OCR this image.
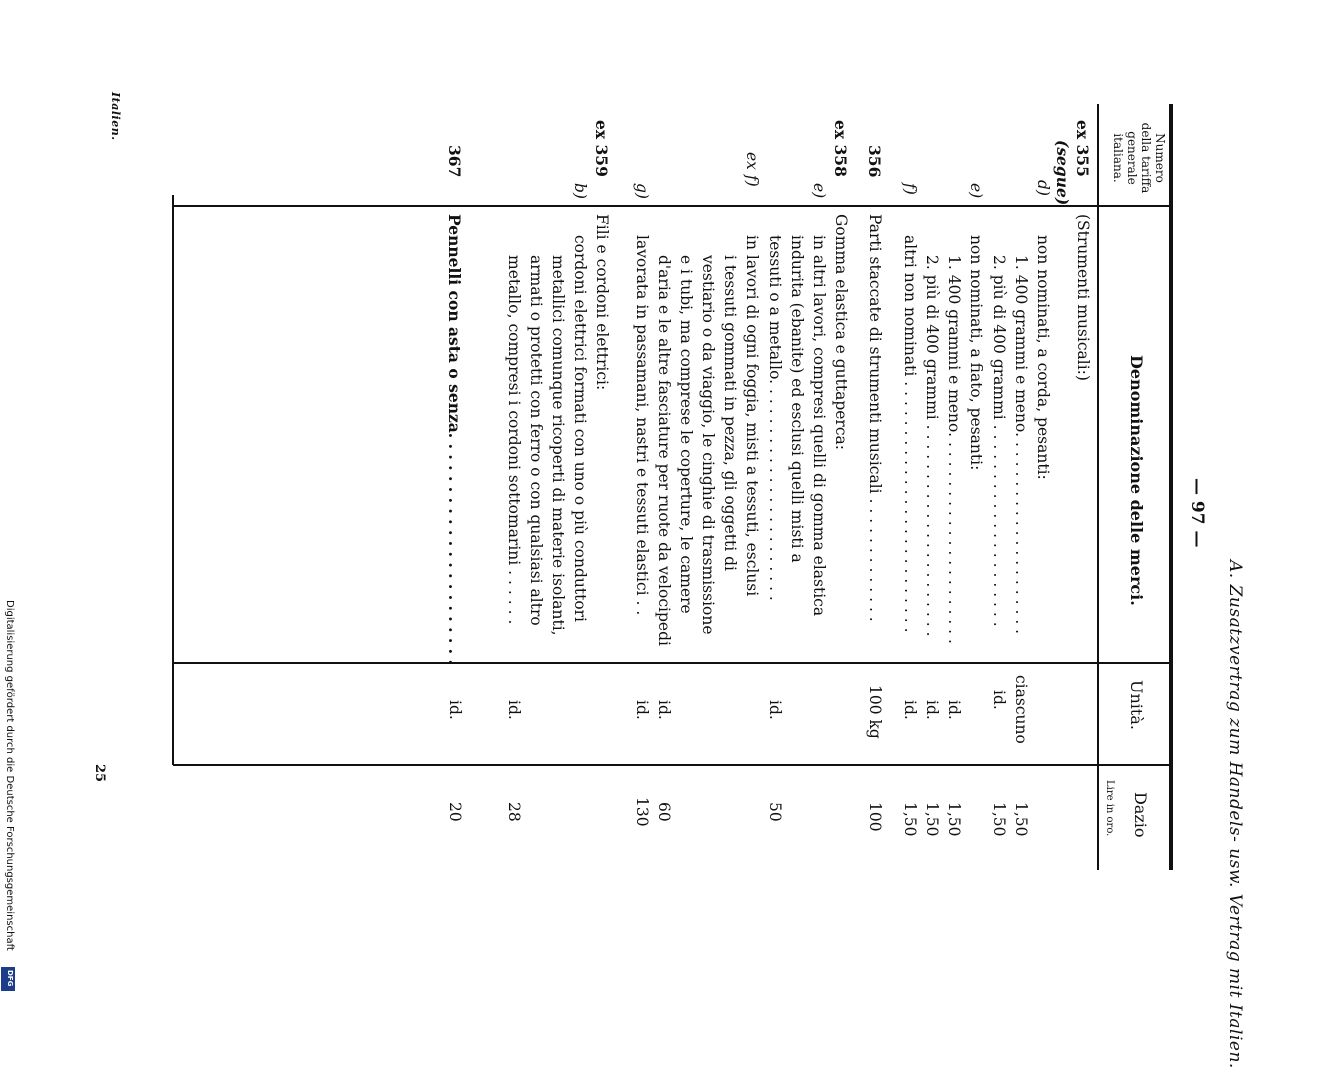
A. Zusatzvertrag zum Handels- usw. Vertrag mit Italien.
— 97 —
Numero
della tariffa
generale
italiana.
Denominazione delle merci.
Unità.
Dazio
Lire in oro.
ex 355
(segue)
(Strumenti musicali:)
d)
non nominati, a corda, pesanti:
1. 400 grammi e meno. . . . . . . . . . . . . . . . . . . . .
ciascuno
1,50
2. più di 400 grammi . . . . . . . . . . . . . . . . . . . . .
id.
1,50
e)
non nominati, a fiato, pesanti:
1. 400 grammi e meno. . . . . . . . . . . . . . . . . . . . . .
id.
1,50
2. più di 400 grammi . . . . . . . . . . . . . . . . . . . . . .
id.
1,50
f)
altri non nominati . . . . . . . . . . . . . . . . . . . . . . . . . .
id.
1,50
356
Parti staccate di strumenti musicali . . . . . . . . . . . . .
100 kg
100
ex 358
Gomma elastica e guttaperca:
e)
in altri lavori, compresi quelli di gomma elastica
indurita (ebanite) ed esclusi quelli misti a
tessuti o a metallo. . . . . . . . . . . . . . . . . . . . . . .
id.
50
ex f)
in lavori di ogni foggia, misti a tessuti, esclusi
i tessuti gommati in pezza, gli oggetti di
vestiario o da viaggio, le cinghie di trasmissione
e i tubi, ma comprese le coperture, le camere
d'aria e le altre fasciature per ruote da velocipedi
id.
60
g)
lavorata in passamani, nastri e tessuti elastici . .
id.
130
ex 359
Fili e cordoni elettrici:
b)
cordoni elettrici formati con uno o più conduttori
metallici comunque ricoperti di materie isolanti,
armati o protetti con ferro o con qualsiasi altro
metallo, compresi i cordoni sottomarini . . . . . .
id.
28
367
Pennelli con asta o senza. . . . . . . . . . . . . . . . . . . . . .
id.
20
Italien.
25
Digitalisierung gefördert durch die Deutsche Forschungsgemeinschaft
DFG
